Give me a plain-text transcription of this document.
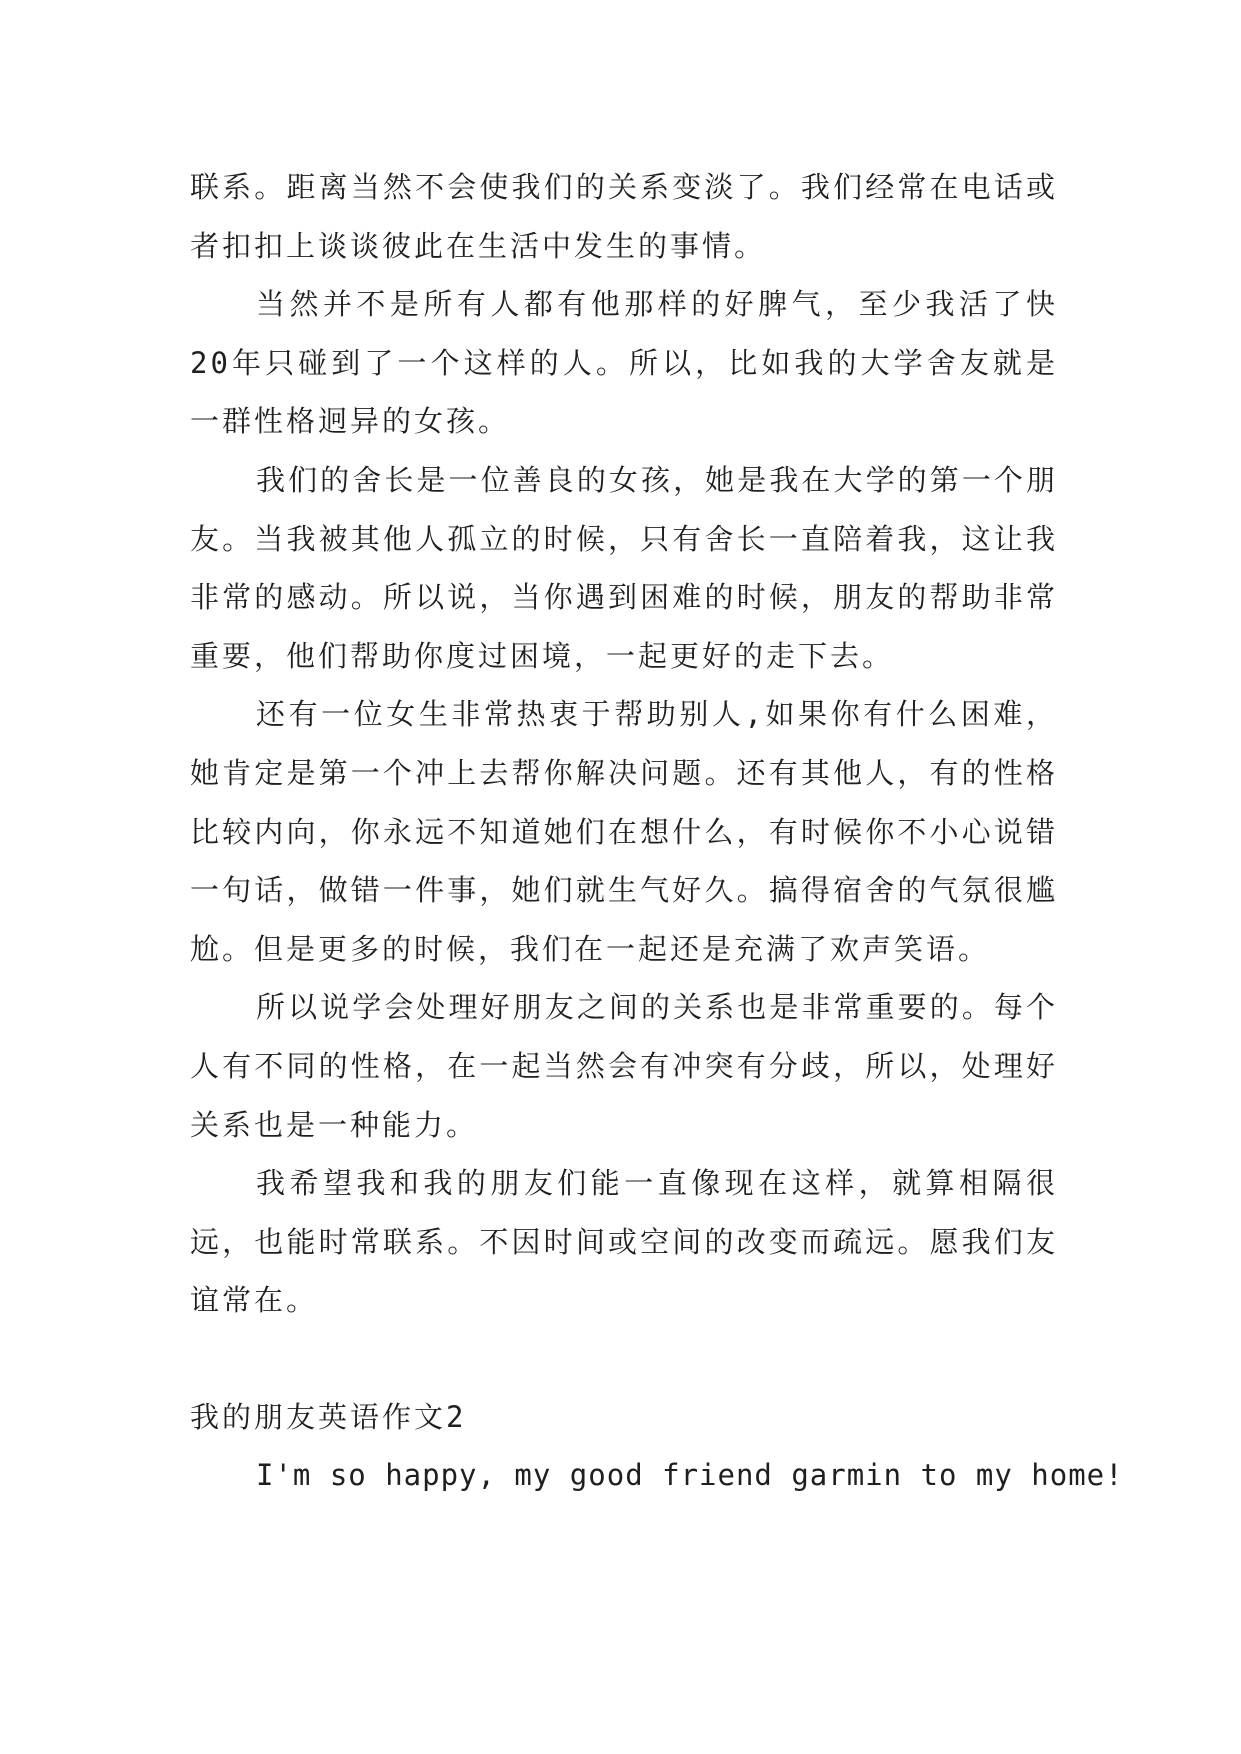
联系。距离当然不会使我们的关系变淡了。我们经常在电话或者扣扣上谈谈彼此在生活中发生的事情。

当然并不是所有人都有他那样的好脾气，至少我活了快20年只碰到了一个这样的人。所以，比如我的大学舍友就是一群性格迥异的女孩。

我们的舍长是一位善良的女孩，她是我在大学的第一个朋友。当我被其他人孤立的时候，只有舍长一直陪着我，这让我非常的感动。所以说，当你遇到困难的时候，朋友的帮助非常重要，他们帮助你度过困境，一起更好的走下去。

还有一位女生非常热衷于帮助别人,如果你有什么困难，她肯定是第一个冲上去帮你解决问题。还有其他人，有的性格比较内向，你永远不知道她们在想什么，有时候你不小心说错一句话，做错一件事，她们就生气好久。搞得宿舍的气氛很尴尬。但是更多的时候，我们在一起还是充满了欢声笑语。

所以说学会处理好朋友之间的关系也是非常重要的。每个人有不同的性格，在一起当然会有冲突有分歧，所以，处理好关系也是一种能力。

我希望我和我的朋友们能一直像现在这样，就算相隔很远，也能时常联系。不因时间或空间的改变而疏远。愿我们友谊常在。

我的朋友英语作文2

I'm so happy, my good friend garmin to my home!
